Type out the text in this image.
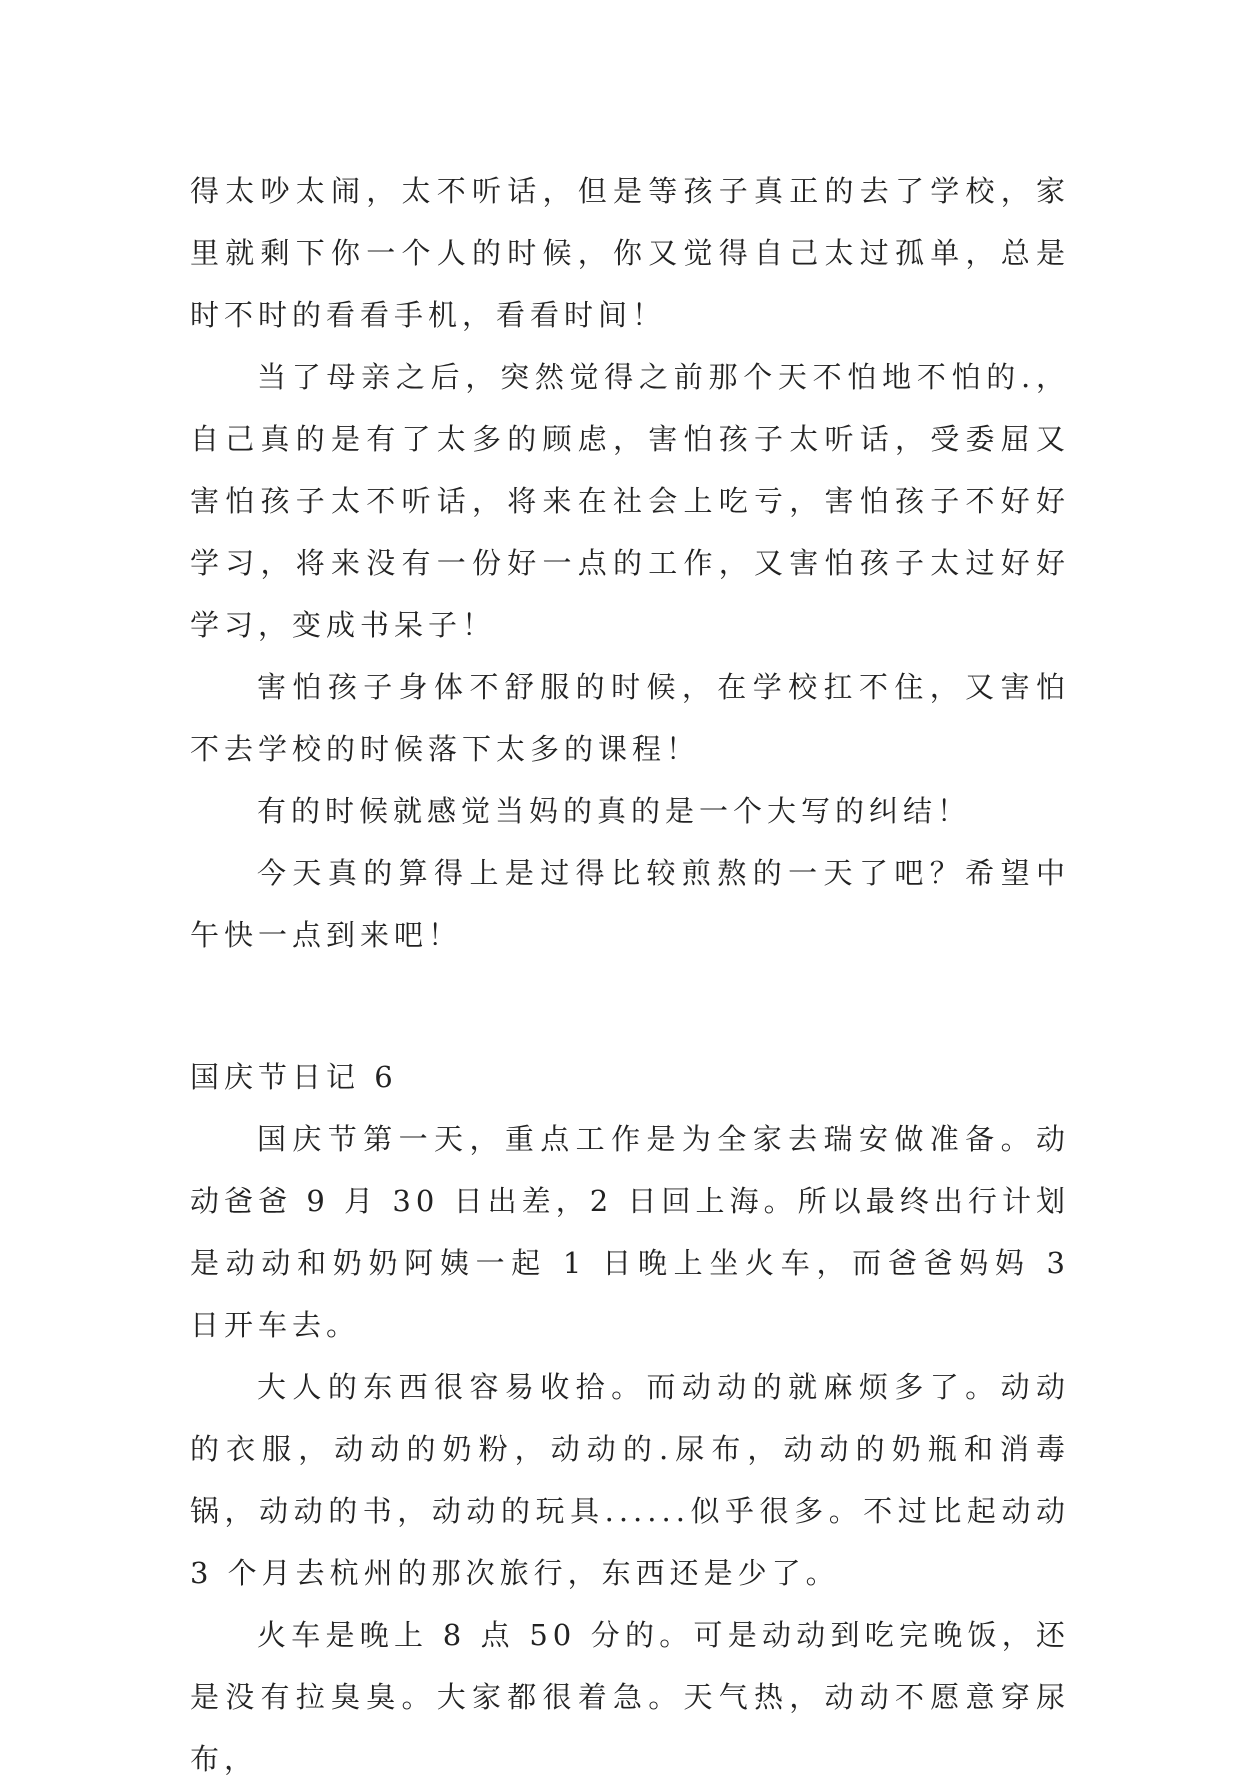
得太吵太闹，太不听话，但是等孩子真正的去了学校，家里就剩下你一个人的时候，你又觉得自己太过孤单，总是时不时的看看手机，看看时间！

当了母亲之后，突然觉得之前那个天不怕地不怕的.，自己真的是有了太多的顾虑，害怕孩子太听话，受委屈又害怕孩子太不听话，将来在社会上吃亏，害怕孩子不好好学习，将来没有一份好一点的工作，又害怕孩子太过好好学习，变成书呆子！

害怕孩子身体不舒服的时候，在学校扛不住，又害怕不去学校的时候落下太多的课程！

有的时候就感觉当妈的真的是一个大写的纠结！

今天真的算得上是过得比较煎熬的一天了吧？希望中午快一点到来吧！

国庆节日记 6

国庆节第一天，重点工作是为全家去瑞安做准备。动动爸爸 9 月 30 日出差，2 日回上海。所以最终出行计划是动动和奶奶阿姨一起 1 日晚上坐火车，而爸爸妈妈 3 日开车去。

大人的东西很容易收拾。而动动的就麻烦多了。动动的衣服，动动的奶粉，动动的.尿布，动动的奶瓶和消毒锅，动动的书，动动的玩具......似乎很多。不过比起动动 3 个月去杭州的那次旅行，东西还是少了。

火车是晚上 8 点 50 分的。可是动动到吃完晚饭，还是没有拉臭臭。大家都很着急。天气热，动动不愿意穿尿布，
